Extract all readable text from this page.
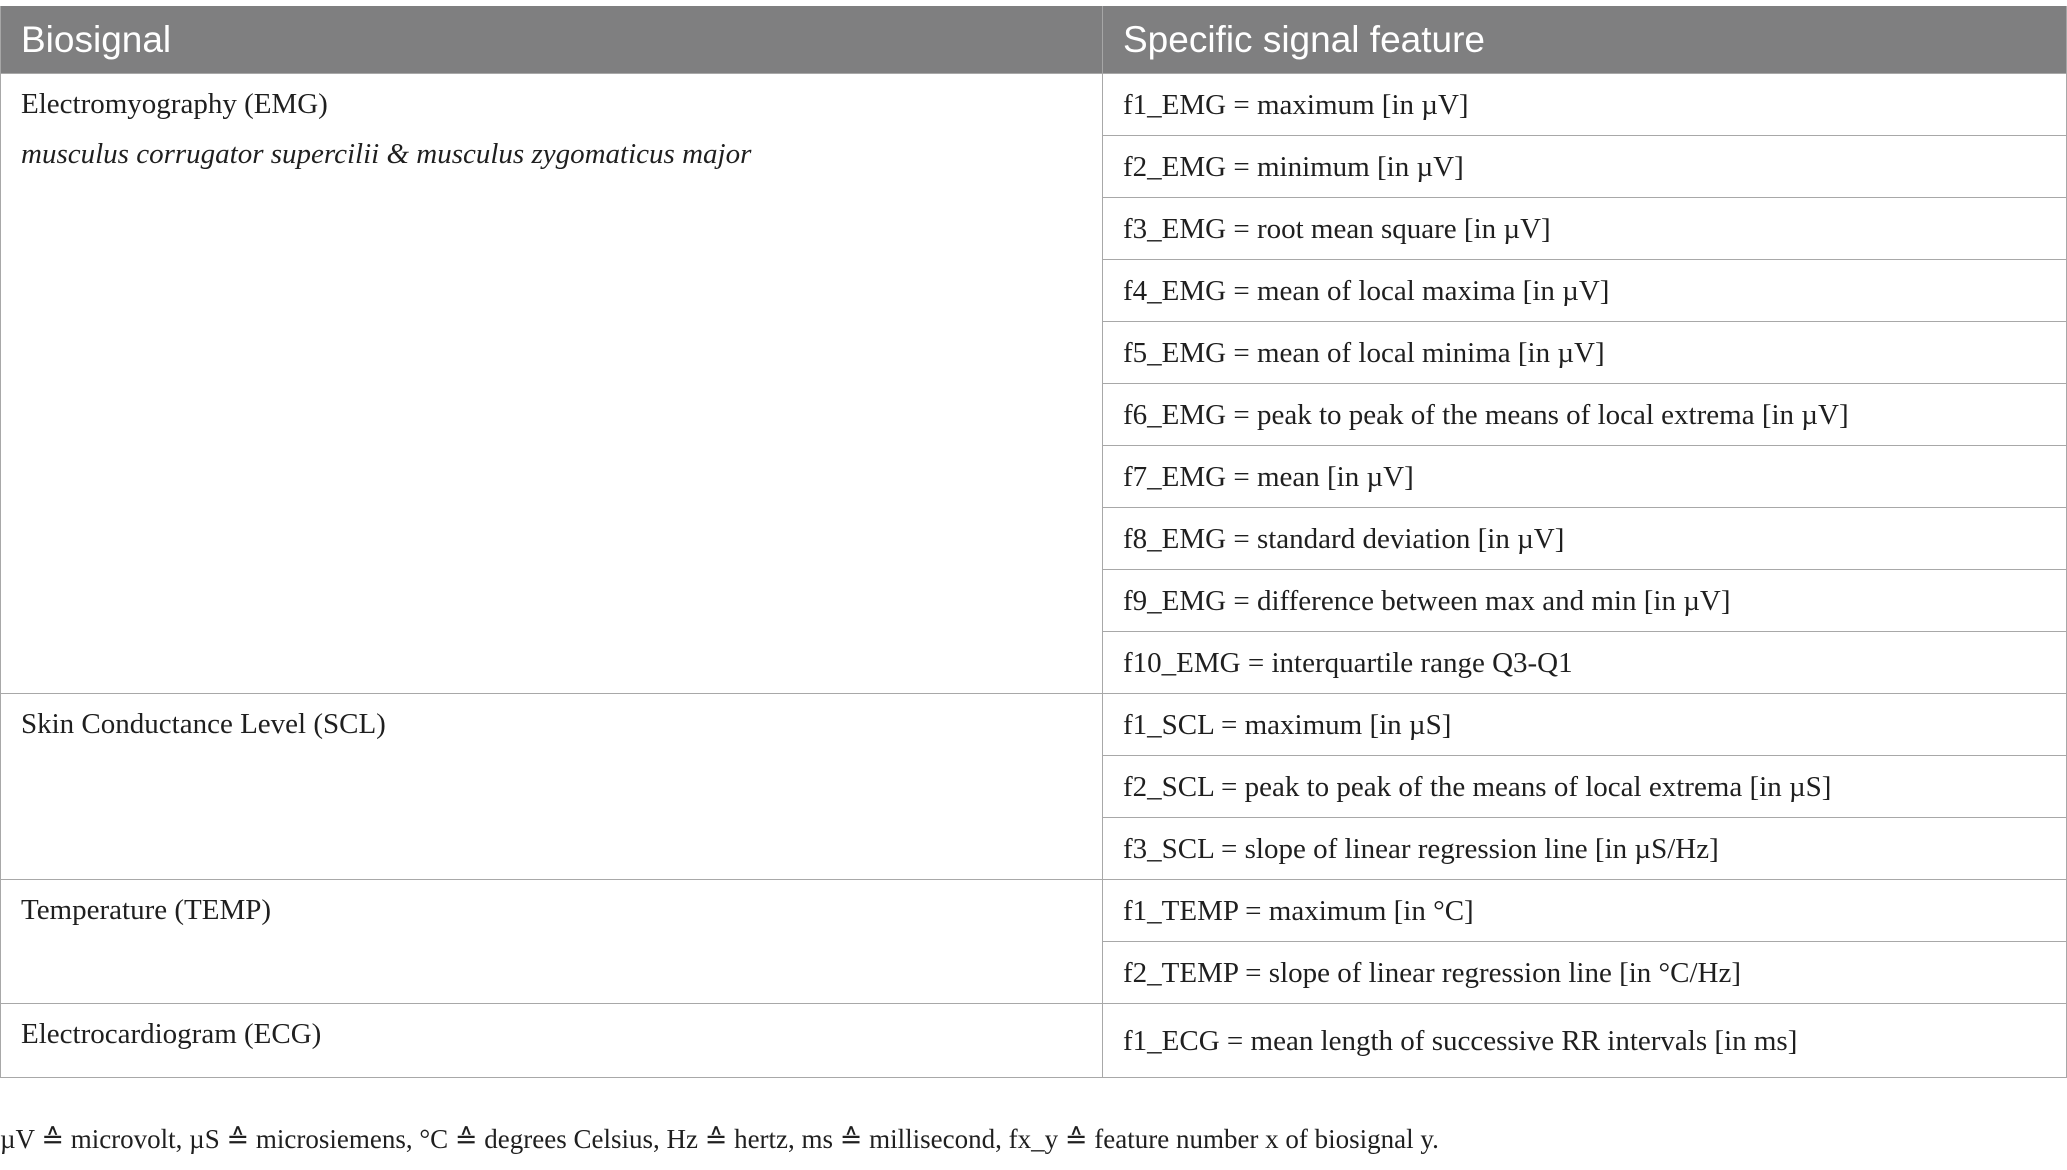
Biosignal	Specific signal feature

Electromyography (EMG)
musculus corrugator supercilii & musculus zygomaticus major	f1_EMG = maximum [in µV]
	f2_EMG = minimum [in µV]
	f3_EMG = root mean square [in µV]
	f4_EMG = mean of local maxima [in µV]
	f5_EMG = mean of local minima [in µV]
	f6_EMG = peak to peak of the means of local extrema [in µV]
	f7_EMG = mean [in µV]
	f8_EMG = standard deviation [in µV]
	f9_EMG = difference between max and min [in µV]
	f10_EMG = interquartile range Q3-Q1

Skin Conductance Level (SCL)	f1_SCL = maximum [in µS]
	f2_SCL = peak to peak of the means of local extrema [in µS]
	f3_SCL = slope of linear regression line [in µS/Hz]

Temperature (TEMP)	f1_TEMP = maximum [in °C]
	f2_TEMP = slope of linear regression line [in °C/Hz]

Electrocardiogram (ECG)	f1_ECG = mean length of successive RR intervals [in ms]
µV ≙ microvolt, µS ≙ microsiemens, °C ≙ degrees Celsius, Hz ≙ hertz, ms ≙ millisecond, fx_y ≙ feature number x of biosignal y.
